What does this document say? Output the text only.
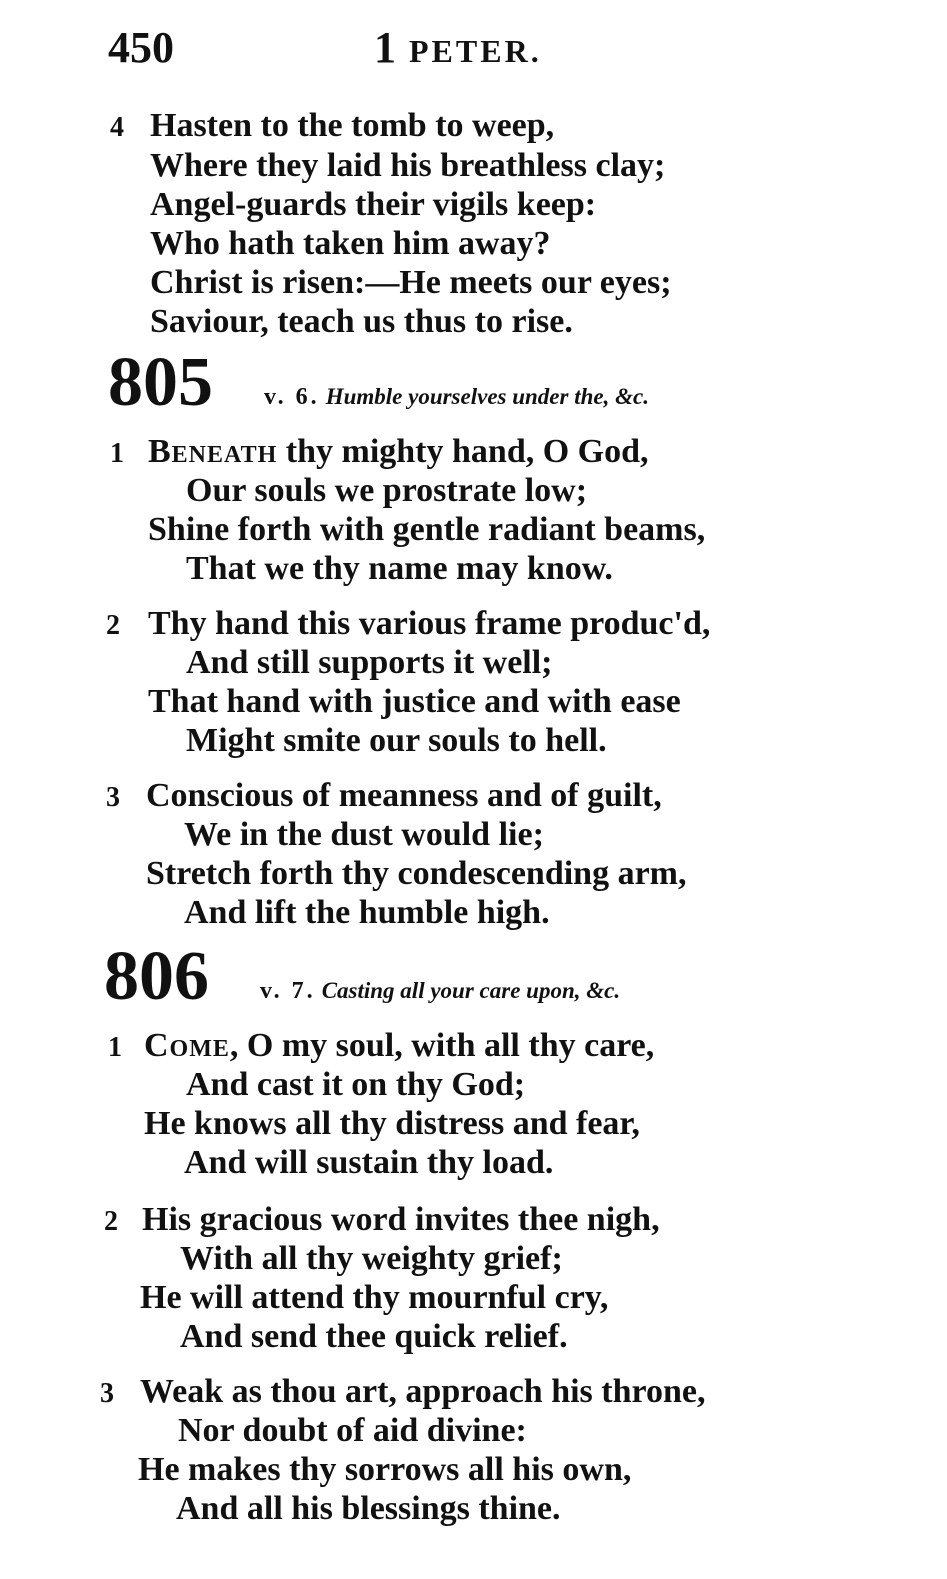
450	1 PETER.
4 Hasten to the tomb to weep,
Where they laid his breathless clay;
Angel-guards their vigils keep:
Who hath taken him away?
Christ is risen:—He meets our eyes;
Saviour, teach us thus to rise.
805 v. 6. Humble yourselves under the, &c.
1 Beneath thy mighty hand, O God,
Our souls we prostrate low;
Shine forth with gentle radiant beams,
That we thy name may know.
2 Thy hand this various frame produc'd,
And still supports it well;
That hand with justice and with ease
Might smite our souls to hell.
3 Conscious of meanness and of guilt,
We in the dust would lie;
Stretch forth thy condescending arm,
And lift the humble high.
806 v. 7. Casting all your care upon, &c.
1 Come, O my soul, with all thy care,
And cast it on thy God;
He knows all thy distress and fear,
And will sustain thy load.
2 His gracious word invites thee nigh,
With all thy weighty grief;
He will attend thy mournful cry,
And send thee quick relief.
3 Weak as thou art, approach his throne,
Nor doubt of aid divine:
He makes thy sorrows all his own,
And all his blessings thine.
